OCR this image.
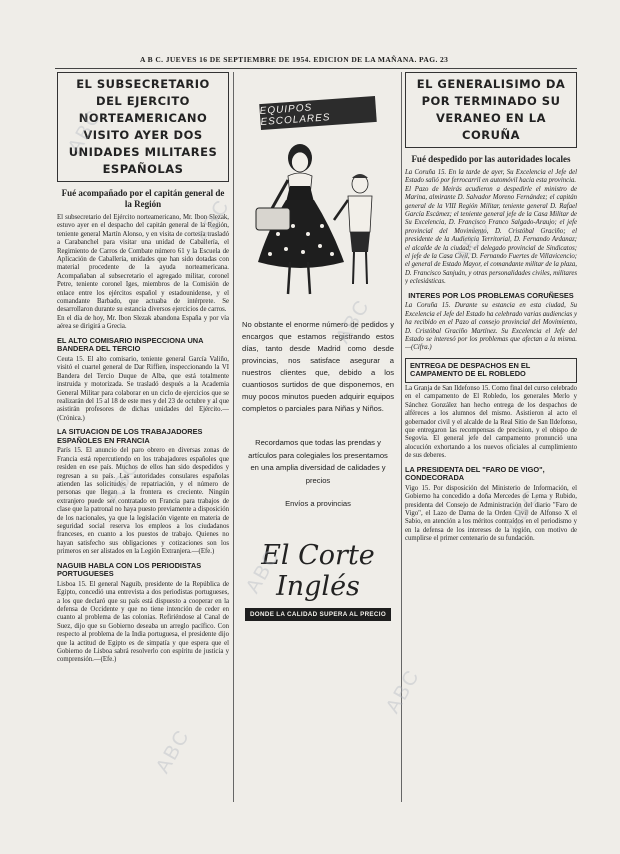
A B C. JUEVES 16 DE SEPTIEMBRE DE 1954. EDICION DE LA MAÑANA. PAG. 23
EL SUBSECRETARIO DEL EJERCITO NORTEAMERICANO VISITO AYER DOS UNIDADES MILITARES ESPAÑOLAS
Fué acompañado por el capitán general de la Región

El subsecretario del Ejército norteamericano, Mr. Ibon Slezak, estuvo ayer en el despacho del capitán general de la Región, teniente general Martín Alonso, y en visita de cortesía trasladó a Carabanchel para visitar una unidad de Caballería, el Regimiento de Carros de Combate número 61 y la Escuela de Aplicación de Caballería, unidades que han sido dotadas con material procedente de la ayuda norteamericana. Acompañaban al subsecretario el agregado militar, coronel Petre, teniente coronel Iges, miembros de la Comisión de enlace entre los ejércitos español y estadounidense, y el comandante Barbado, que actuaba de intérprete. Se desarrollaron durante su estancia diversos ejercicios de carros.

En el día de hoy, Mr. Ibon Slezak abandona España y por vía aérea se dirigirá a Grecia.

EL ALTO COMISARIO INSPECCIONA UNA BANDERA DEL TERCIO

Ceuta 15. El alto comisario, teniente general García Valiño, visitó el cuartel general de Dar Riffien, inspeccionando la VI Bandera del Tercio Duque de Alba, que está totalmente instruida y motorizada. Se trasladó después a la Academia General Militar para colaborar en un ciclo de ejercicios que se realizarán del 15 al 18 de este mes y del 23 de octubre y al que asistirán profesores de dichas unidades del Ejército.—(Crónica.)

LA SITUACION DE LOS TRABAJADORES ESPAÑOLES EN FRANCIA

París 15. El anuncio del paro obrero en diversas zonas de Francia está repercutiendo en los trabajadores españoles que residen en ese país. Muchos de ellos han sido despedidos y regresan a su país. Las autoridades consulares españolas atienden las solicitudes de repatriación, y el número de personas que llegan a la frontera es creciente. Ningún extranjero puede ser contratado en Francia para trabajos de clase que la patronal no haya puesto previamente a disposición de los nacionales, ya que la legislación vigente en materia de seguridad social reserva los empleos a los ciudadanos franceses, en cuanto a los puestos de trabajo. Quienes no hayan satisfecho sus obligaciones y cotizaciones son los primeros en ser alistados en la Legión Extranjera.—(Efe.)

NAGUIB HABLA CON LOS PERIODISTAS PORTUGUESES

Lisboa 15. El general Naguib, presidente de la República de Egipto, concedió una entrevista a dos periodistas portugueses, a los que declaró que su país está dispuesto a cooperar en la defensa de Occidente y que no tiene intención de ceder en cuanto al problema de las colonias. Refiriéndose al Canal de Suez, dijo que su Gobierno deseaba un arreglo pacífico. Con respecto al problema de la India portuguesa, el presidente dijo que la actitud de Egipto es de simpatía y que espera que el Gobierno de Lisboa sabrá resolverlo con espíritu de justicia y comprensión.—(Efe.)

EQUIPOS ESCOLARES

No obstante el enorme número de pedidos y encargos que estamos registrando estos días, tanto desde Madrid como desde provincias, nos satisface asegurar a nuestros clientes que, debido a los cuantiosos surtidos de que disponemos, en muy pocos minutos pueden adquirir equipos completos o parciales para Niñas y Niños.

Recordamos que todas las prendas y artículos para colegiales los presentamos en una amplia diversidad de calidades y precios

Envíos a provincias

El Corte Inglés
DONDE LA CALIDAD SUPERA AL PRECIO
EL GENERALISIMO DA POR TERMINADO SU VERANEO EN LA CORUÑA
Fué despedido por las autoridades locales

La Coruña 15. En la tarde de ayer, Su Excelencia el Jefe del Estado salió por ferrocarril en automóvil hacia esta provincia.

El Pazo de Meirás acudieron a despedirle el ministro de Marina, almirante D. Salvador Moreno Fernández; el capitán general de la VIII Región Militar, teniente general D. Rafael García Escámez; el teniente general jefe de la Casa Militar de Su Excelencia, D. Francisco Franco Salgado-Araujo; el jefe provincial del Movimiento, D. Cristóbal Graciño; el presidente de la Audiencia Territorial, D. Fernando Ardanaz; el alcalde de la ciudad; el delegado provincial de Sindicatos; el jefe de la Casa Civil, D. Fernando Fuertes de Villavicencio; el general de Estado Mayor, el comandante militar de la plaza, D. Francisco Sanjuán, y otras personalidades civiles, militares y eclesiásticas.

INTERES POR LOS PROBLEMAS CORUÑESES

La Coruña 15. Durante su estancia en esta ciudad, Su Excelencia el Jefe del Estado ha celebrado varias audiencias y ha recibido en el Pazo al consejo provincial del Movimiento, D. Cristóbal Graciño Martínez. Su Excelencia el Jefe del Estado se interesó por los problemas que afectan a la misma.—(Cifra.)

ENTREGA DE DESPACHOS EN EL CAMPAMENTO DE EL ROBLEDO

La Granja de San Ildefonso 15. Como final del curso celebrado en el campamento de El Robledo, los generales Merlo y Sánchez González han hecho entrega de los despachos de alféreces a los alumnos del mismo. Asistieron al acto el gobernador civil y el alcalde de la Real Sitio de San Ildefonso, que entregaron las recompensas de precision, y el obispo de Segovia. El general jefe del campamento pronunció una alocución exhortando a los nuevos oficiales al cumplimiento de sus deberes.

LA PRESIDENTA DEL "FARO DE VIGO", CONDECORADA

Vigo 15. Por disposición del Ministerio de Información, el Gobierno ha concedido a doña Mercedes de Lema y Rubido, presidenta del Consejo de Administración del diario "Faro de Vigo", el Lazo de Dama de la Orden Civil de Alfonso X el Sabio, en atención a los méritos contraídos en el periodismo y en la defensa de los intereses de la región, con motivo de cumplirse el primer centenario de su fundación.

ABC
ABC
ABC
ABC
ABC
ABC
ABC
ABC
ABC
